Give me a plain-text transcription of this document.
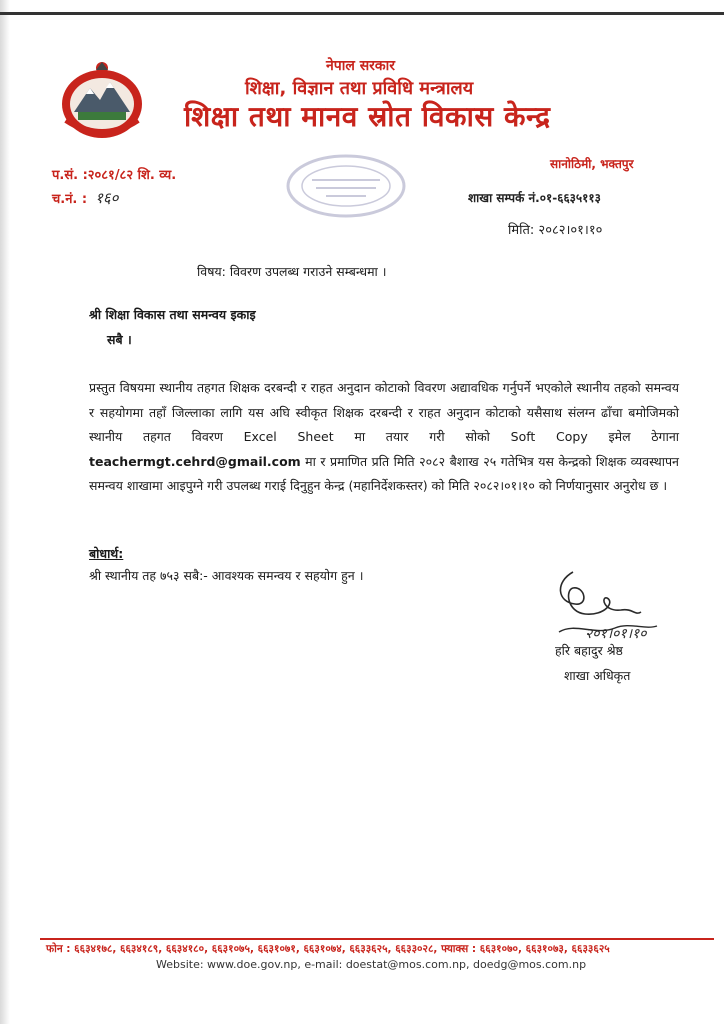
नेपाल सरकार
शिक्षा, विज्ञान तथा प्रविधि मन्त्रालय
शिक्षा तथा मानव स्रोत विकास केन्द्र
प.सं. :२०८१/८२ शि. व्य.
च.नं. : १६०
सानोठिमी, भक्तपुर
शाखा सम्पर्क नं.०१-६६३५११३
मिति: २०८२।०१।१०
विषय: विवरण उपलब्ध गराउने सम्बन्धमा ।
श्री शिक्षा विकास तथा समन्वय इकाइ
सबै ।
प्रस्तुत विषयमा स्थानीय तहगत शिक्षक दरबन्दी र राहत अनुदान कोटाको विवरण अद्यावधिक गर्नुपर्ने भएकोले स्थानीय तहको समन्वय र सहयोगमा तहाँ जिल्लाका लागि यस अघि स्वीकृत शिक्षक दरबन्दी र राहत अनुदान कोटाको यसैसाथ संलग्न ढाँचा बमोजिमको स्थानीय तहगत विवरण Excel Sheet मा तयार गरी सोको Soft Copy इमेल ठेगाना teachermgt.cehrd@gmail.com मा र प्रमाणित प्रति मिति २०८२ बैशाख २५ गतेभित्र यस केन्द्रको शिक्षक व्यवस्थापन समन्वय शाखामा आइपुग्ने गरी उपलब्ध गराई दिनुहुन केन्द्र (महानिर्देशकस्तर) को मिति २०८२।०१।१० को निर्णयानुसार अनुरोध छ ।
बोधार्थ:
श्री स्थानीय तह ७५३ सबै:- आवश्यक समन्वय र सहयोग हुन ।
२०१।०१।१०
हरि बहादुर श्रेष्ठ
शाखा अधिकृत
फोन : ६६३४१७८, ६६३४१८९, ६६३४१८०, ६६३१०७५, ६६३१०७१, ६६३१०७४, ६६३३६२५, ६६३३०२८, फ्याक्स : ६६३१०७०, ६६३१०७३, ६६३३६२५
Website: www.doe.gov.np, e-mail: doestat@mos.com.np, doedg@mos.com.np
